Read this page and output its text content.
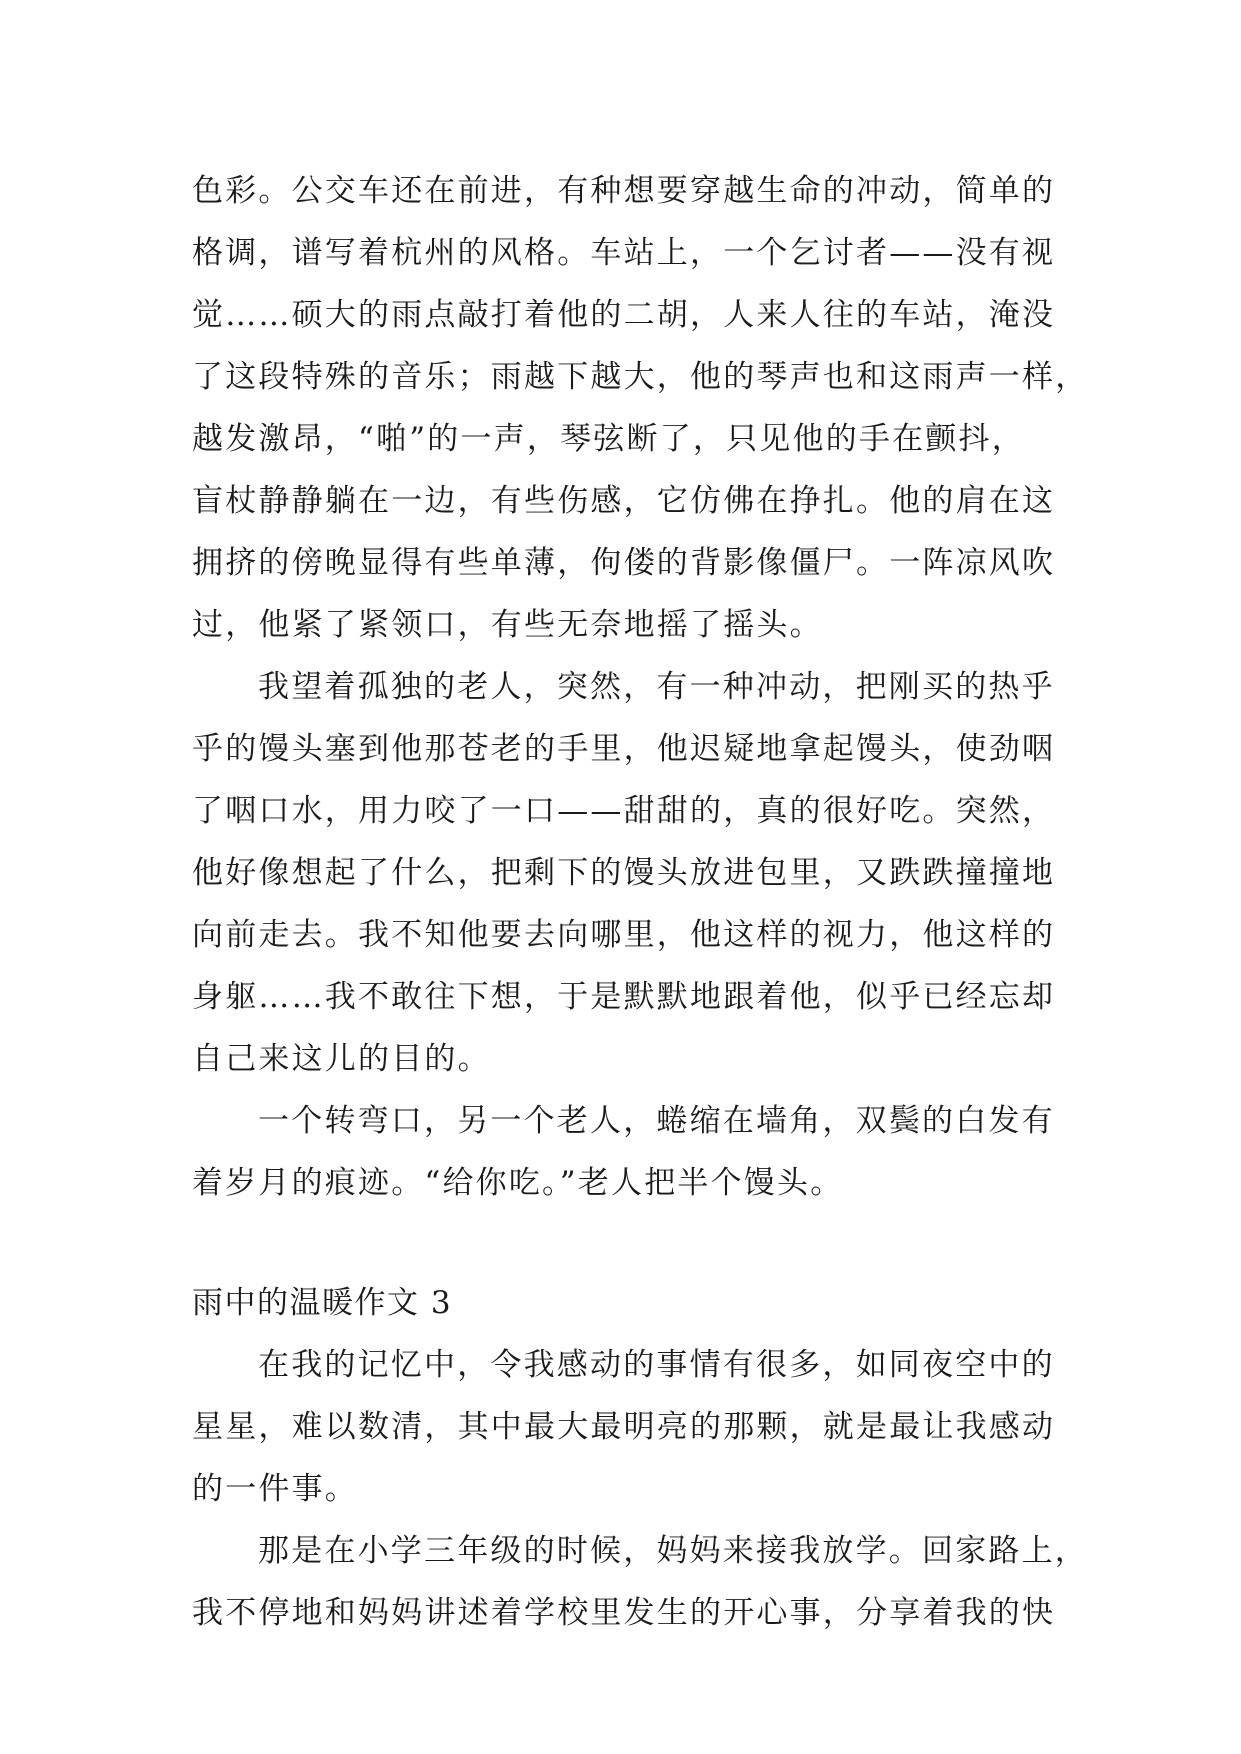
色彩。公交车还在前进，有种想要穿越生命的冲动，简单的
格调，谱写着杭州的风格。车站上，一个乞讨者——没有视
觉……硕大的雨点敲打着他的二胡，人来人往的车站，淹没
了这段特殊的音乐；雨越下越大，他的琴声也和这雨声一样，
越发激昂，“啪”的一声，琴弦断了，只见他的手在颤抖，
盲杖静静躺在一边，有些伤感，它仿佛在挣扎。他的肩在这
拥挤的傍晚显得有些单薄，佝偻的背影像僵尸。一阵凉风吹
过，他紧了紧领口，有些无奈地摇了摇头。
我望着孤独的老人，突然，有一种冲动，把刚买的热乎
乎的馒头塞到他那苍老的手里，他迟疑地拿起馒头，使劲咽
了咽口水，用力咬了一口——甜甜的，真的很好吃。突然，
他好像想起了什么，把剩下的馒头放进包里，又跌跌撞撞地
向前走去。我不知他要去向哪里，他这样的视力，他这样的
身躯……我不敢往下想，于是默默地跟着他，似乎已经忘却
自己来这儿的目的。
一个转弯口，另一个老人，蜷缩在墙角，双鬓的白发有
着岁月的痕迹。“给你吃。”老人把半个馒头。
雨中的温暖作文 3
在我的记忆中，令我感动的事情有很多，如同夜空中的
星星，难以数清，其中最大最明亮的那颗，就是最让我感动
的一件事。
那是在小学三年级的时候，妈妈来接我放学。回家路上，
我不停地和妈妈讲述着学校里发生的开心事，分享着我的快
